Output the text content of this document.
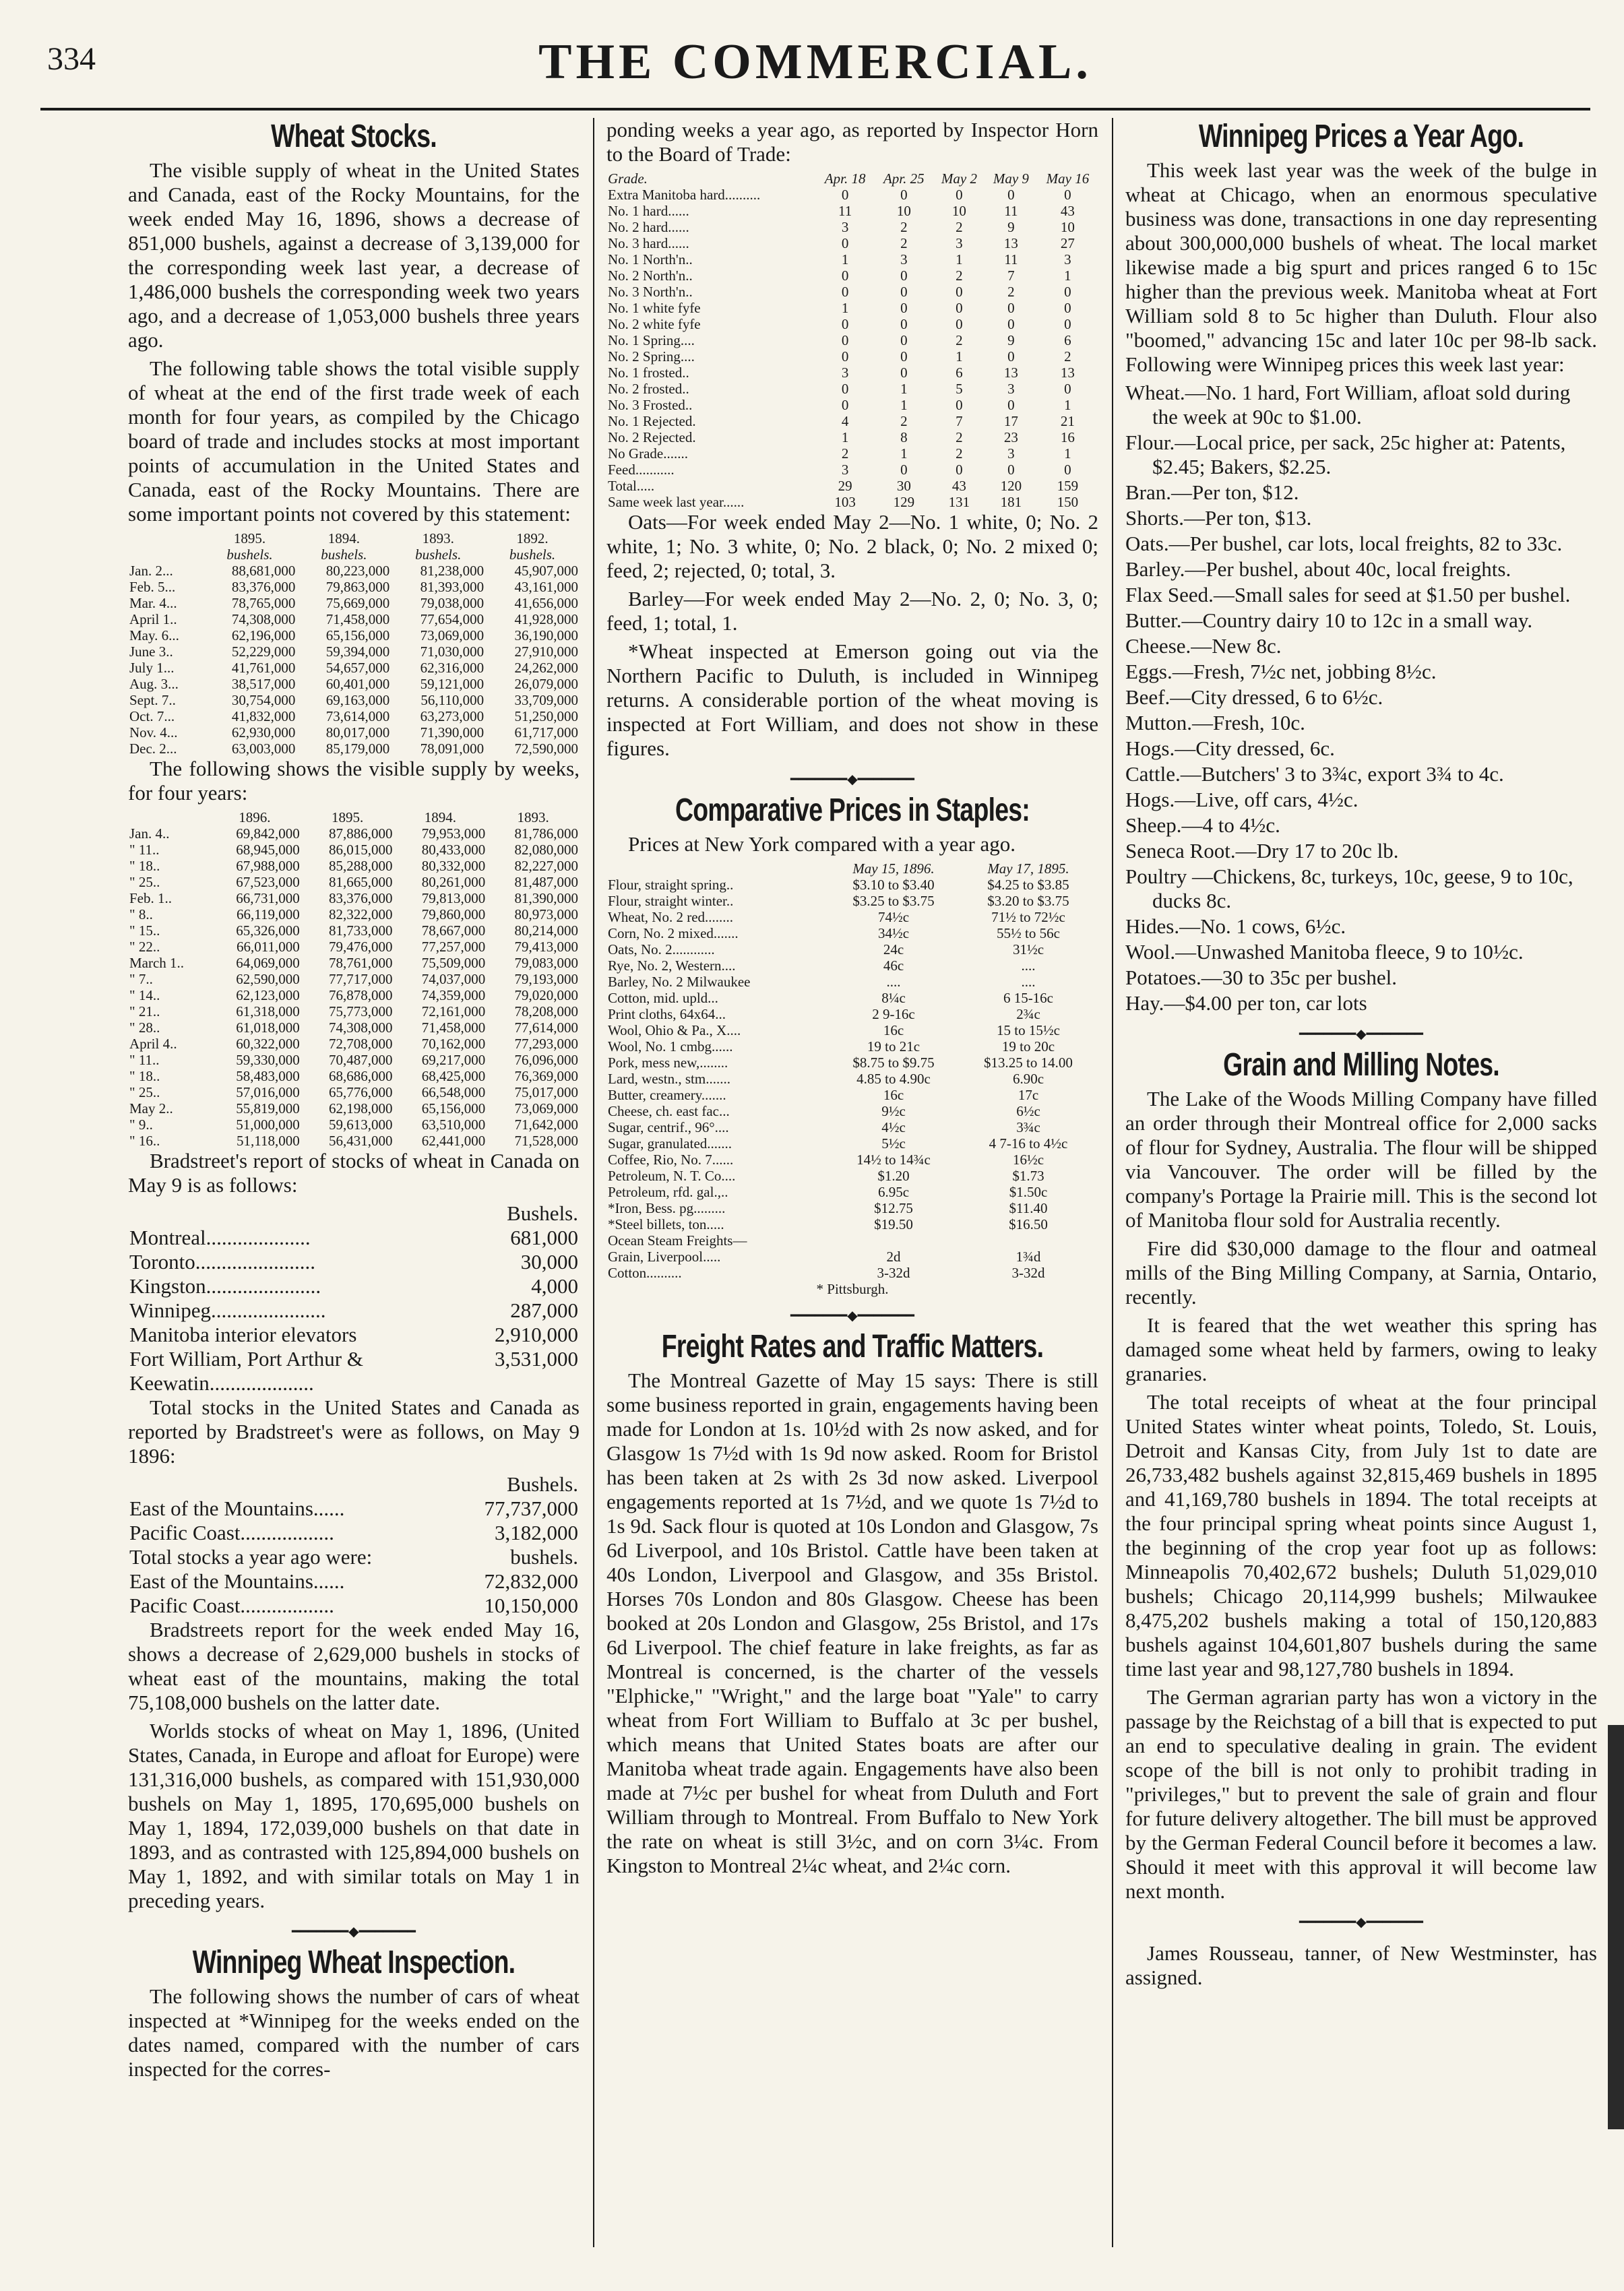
334	THE COMMERCIAL.
Wheat Stocks.

The visible supply of wheat in the United States and Canada, east of the Rocky Mountains, for the week ended May 16, 1896, shows a decrease of 851,000 bushels, against a decrease of 3,139,000 for the corresponding week last year, a decrease of 1,486,000 bushels the corresponding week two years ago, and a decrease of 1,053,000 bushels three years ago.

The following table shows the total visible supply of wheat at the end of the first trade week of each month for four years, as compiled by the Chicago board of trade and includes stocks at most important points of accumulation in the United States and Canada, east of the Rocky Mountains. There are some important points not covered by this statement:

	1895.	1894.	1893.	1892.
	bushels.	bushels.	bushels.	bushels.
Jan. 2...	88,681,000	80,223,000	81,238,000	45,907,000
Feb. 5...	83,376,000	79,863,000	81,393,000	43,161,000
Mar. 4...	78,765,000	75,669,000	79,038,000	41,656,000
April 1..	74,308,000	71,458,000	77,654,000	41,928,000
May. 6...	62,196,000	65,156,000	73,069,000	36,190,000
June 3..	52,229,000	59,394,000	71,030,000	27,910,000
July 1...	41,761,000	54,657,000	62,316,000	24,262,000
Aug. 3...	38,517,000	60,401,000	59,121,000	26,079,000
Sept. 7..	30,754,000	69,163,000	56,110,000	33,709,000
Oct. 7...	41,832,000	73,614,000	63,273,000	51,250,000
Nov. 4...	62,930,000	80,017,000	71,390,000	61,717,000
Dec. 2...	63,003,000	85,179,000	78,091,000	72,590,000

The following shows the visible supply by weeks, for four years:

	1896.	1895.	1894.	1893.
Jan. 4..	69,842,000	87,886,000	79,953,000	81,786,000
" 11..	68,945,000	86,015,000	80,433,000	82,080,000
" 18..	67,988,000	85,288,000	80,332,000	82,227,000
" 25..	67,523,000	81,665,000	80,261,000	81,487,000
Feb. 1..	66,731,000	83,376,000	79,813,000	81,390,000
" 8..	66,119,000	82,322,000	79,860,000	80,973,000
" 15..	65,326,000	81,733,000	78,667,000	80,214,000
" 22..	66,011,000	79,476,000	77,257,000	79,413,000
March 1..	64,069,000	78,761,000	75,509,000	79,083,000
" 7..	62,590,000	77,717,000	74,037,000	79,193,000
" 14..	62,123,000	76,878,000	74,359,000	79,020,000
" 21..	61,318,000	75,773,000	72,161,000	78,208,000
" 28..	61,018,000	74,308,000	71,458,000	77,614,000
April 4..	60,322,000	72,708,000	70,162,000	77,293,000
" 11..	59,330,000	70,487,000	69,217,000	76,096,000
" 18..	58,483,000	68,686,000	68,425,000	76,369,000
" 25..	57,016,000	65,776,000	66,548,000	75,017,000
May 2..	55,819,000	62,198,000	65,156,000	73,069,000
" 9..	51,000,000	59,613,000	63,510,000	71,642,000
" 16..	51,118,000	56,431,000	62,441,000	71,528,000

Bradstreet's report of stocks of wheat in Canada on May 9 is as follows:

	Bushels.
Montreal....................	681,000
Toronto.......................	30,000
Kingston......................	4,000
Winnipeg......................	287,000
Manitoba interior elevators	2,910,000
Fort William, Port Arthur & Keewatin....................	3,531,000

Total stocks in the United States and Canada as reported by Bradstreet's were as follows, on May 9 1896:

	Bushels.
East of the Mountains......	77,737,000
Pacific Coast..................	3,182,000
Total stocks a year ago were:	bushels.
East of the Mountains......	72,832,000
Pacific Coast..................	10,150,000

Bradstreets report for the week ended May 16, shows a decrease of 2,629,000 bushels in stocks of wheat east of the mountains, making the total 75,108,000 bushels on the latter date.

Worlds stocks of wheat on May 1, 1896, (United States, Canada, in Europe and afloat for Europe) were 131,316,000 bushels, as compared with 151,930,000 bushels on May 1, 1895, 170,695,000 bushels on May 1, 1894, 172,039,000 bushels on that date in 1893, and as contrasted with 125,894,000 bushels on May 1, 1892, and with similar totals on May 1 in preceding years.

━━━━━━━◆━━━━━━━
Winnipeg Wheat Inspection.

The following shows the number of cars of wheat inspected at *Winnipeg for the weeks ended on the dates named, compared with the number of cars inspected for the corres-

ponding weeks a year ago, as reported by Inspector Horn to the Board of Trade:

Grade.	Apr. 18	Apr. 25	May 2	May 9	May 16
Extra Manitoba hard..........	0	0	0	0	0
No. 1 hard......	11	10	10	11	43
No. 2 hard......	3	2	2	9	10
No. 3 hard......	0	2	3	13	27
No. 1 North'n..	1	3	1	11	3
No. 2 North'n..	0	0	2	7	1
No. 3 North'n..	0	0	0	2	0
No. 1 white fyfe	1	0	0	0	0
No. 2 white fyfe	0	0	0	0	0
No. 1 Spring....	0	0	2	9	6
No. 2 Spring....	0	0	1	0	2
No. 1 frosted..	3	0	6	13	13
No. 2 frosted..	0	1	5	3	0
No. 3 Frosted..	0	1	0	0	1
No. 1 Rejected.	4	2	7	17	21
No. 2 Rejected.	1	8	2	23	16
No Grade.......	2	1	2	3	1
Feed...........	3	0	0	0	0
Total.....	29	30	43	120	159
Same week last year......	103	129	131	181	150

Oats—For week ended May 2—No. 1 white, 0; No. 2 white, 1; No. 3 white, 0; No. 2 black, 0; No. 2 mixed 0; feed, 2; rejected, 0; total, 3.

Barley—For week ended May 2—No. 2, 0; No. 3, 0; feed, 1; total, 1.

*Wheat inspected at Emerson going out via the Northern Pacific to Duluth, is included in Winnipeg returns. A considerable portion of the wheat moving is inspected at Fort William, and does not show in these figures.

━━━━━━━◆━━━━━━━
Comparative Prices in Staples:

Prices at New York compared with a year ago.

	May 15, 1896.	May 17, 1895.
Flour, straight spring..	$3.10 to $3.40	$4.25 to $3.85
Flour, straight winter..	$3.25 to $3.75	$3.20 to $3.75
Wheat, No. 2 red........	74½c	71½ to 72½c
Corn, No. 2 mixed.......	34½c	55½ to 56c
Oats, No. 2............	24c	31½c
Rye, No. 2, Western....	46c	....
Barley, No. 2 Milwaukee	....	....
Cotton, mid. upld...	8¼c	6 15-16c
Print cloths, 64x64...	2 9-16c	2¾c
Wool, Ohio & Pa., X....	16c	15 to 15½c
Wool, No. 1 cmbg......	19 to 21c	19 to 20c
Pork, mess new,........	$8.75 to $9.75	$13.25 to 14.00
Lard, westn., stm.......	4.85 to 4.90c	6.90c
Butter, creamery.......	16c	17c
Cheese, ch. east fac...	9½c	6½c
Sugar, centrif., 96°....	4½c	3¾c
Sugar, granulated.......	5½c	4 7-16 to 4½c
Coffee, Rio, No. 7......	14½ to 14¾c	16½c
Petroleum, N. T. Co....	$1.20	$1.73
Petroleum, rfd. gal.,..	6.95c	$1.50c
*Iron, Bess. pg.........	$12.75	$11.40
*Steel billets, ton.....	$19.50	$16.50
Ocean Steam Freights—		
Grain, Liverpool.....	2d	1¾d
Cotton..........	3-32d	3-32d
* Pittsburgh.
━━━━━━━◆━━━━━━━
Freight Rates and Traffic Matters.

The Montreal Gazette of May 15 says: There is still some business reported in grain, engagements having been made for London at 1s. 10½d with 2s now asked, and for Glasgow 1s 7½d with 1s 9d now asked. Room for Bristol has been taken at 2s with 2s 3d now asked. Liverpool engagements reported at 1s 7½d, and we quote 1s 7½d to 1s 9d. Sack flour is quoted at 10s London and Glasgow, 7s 6d Liverpool, and 10s Bristol. Cattle have been taken at 40s London, Liverpool and Glasgow, and 35s Bristol. Horses 70s London and 80s Glasgow. Cheese has been booked at 20s London and Glasgow, 25s Bristol, and 17s 6d Liverpool. The chief feature in lake freights, as far as Montreal is concerned, is the charter of the vessels "Elphicke," "Wright," and the large boat "Yale" to carry wheat from Fort William to Buffalo at 3c per bushel, which means that United States boats are after our Manitoba wheat trade again. Engagements have also been made at 7½c per bushel for wheat from Duluth and Fort William through to Montreal. From Buffalo to New York the rate on wheat is still 3½c, and on corn 3¼c. From Kingston to Montreal 2¼c wheat, and 2¼c corn.

Winnipeg Prices a Year Ago.

This week last year was the week of the bulge in wheat at Chicago, when an enormous speculative business was done, transactions in one day representing about 300,000,000 bushels of wheat. The local market likewise made a big spurt and prices ranged 6 to 15c higher than the previous week. Manitoba wheat at Fort William sold 8 to 5c higher than Duluth. Flour also "boomed," advancing 15c and later 10c per 98-lb sack. Following were Winnipeg prices this week last year:

Wheat.—No. 1 hard, Fort William, afloat sold during the week at 90c to $1.00.
Flour.—Local price, per sack, 25c higher at: Patents, $2.45; Bakers, $2.25.
Bran.—Per ton, $12.
Shorts.—Per ton, $13.
Oats.—Per bushel, car lots, local freights, 82 to 33c.
Barley.—Per bushel, about 40c, local freights.
Flax Seed.—Small sales for seed at $1.50 per bushel.
Butter.—Country dairy 10 to 12c in a small way.
Cheese.—New 8c.
Eggs.—Fresh, 7½c net, jobbing 8½c.
Beef.—City dressed, 6 to 6½c.
Mutton.—Fresh, 10c.
Hogs.—City dressed, 6c.
Cattle.—Butchers' 3 to 3¾c, export 3¾ to 4c.
Hogs.—Live, off cars, 4½c.
Sheep.—4 to 4½c.
Seneca Root.—Dry 17 to 20c lb.
Poultry —Chickens, 8c, turkeys, 10c, geese, 9 to 10c, ducks 8c.
Hides.—No. 1 cows, 6½c.
Wool.—Unwashed Manitoba fleece, 9 to 10½c.
Potatoes.—30 to 35c per bushel.
Hay.—$4.00 per ton, car lots
━━━━━━━◆━━━━━━━
Grain and Milling Notes.

The Lake of the Woods Milling Company have filled an order through their Montreal office for 2,000 sacks of flour for Sydney, Australia. The flour will be shipped via Vancouver. The order will be filled by the company's Portage la Prairie mill. This is the second lot of Manitoba flour sold for Australia recently.

Fire did $30,000 damage to the flour and oatmeal mills of the Bing Milling Company, at Sarnia, Ontario, recently.

It is feared that the wet weather this spring has damaged some wheat held by farmers, owing to leaky granaries.

The total receipts of wheat at the four principal United States winter wheat points, Toledo, St. Louis, Detroit and Kansas City, from July 1st to date are 26,733,482 bushels against 32,815,469 bushels in 1895 and 41,169,780 bushels in 1894. The total receipts at the four principal spring wheat points since August 1, the beginning of the crop year foot up as follows: Minneapolis 70,402,672 bushels; Duluth 51,029,010 bushels; Chicago 20,114,999 bushels; Milwaukee 8,475,202 bushels making a total of 150,120,883 bushels against 104,601,807 bushels during the same time last year and 98,127,780 bushels in 1894.

The German agrarian party has won a victory in the passage by the Reichstag of a bill that is expected to put an end to speculative dealing in grain. The evident scope of the bill is not only to prohibit trading in "privileges," but to prevent the sale of grain and flour for future delivery altogether. The bill must be approved by the German Federal Council before it becomes a law. Should it meet with this approval it will become law next month.

━━━━━━━◆━━━━━━━

James Rousseau, tanner, of New Westminster, has assigned.
